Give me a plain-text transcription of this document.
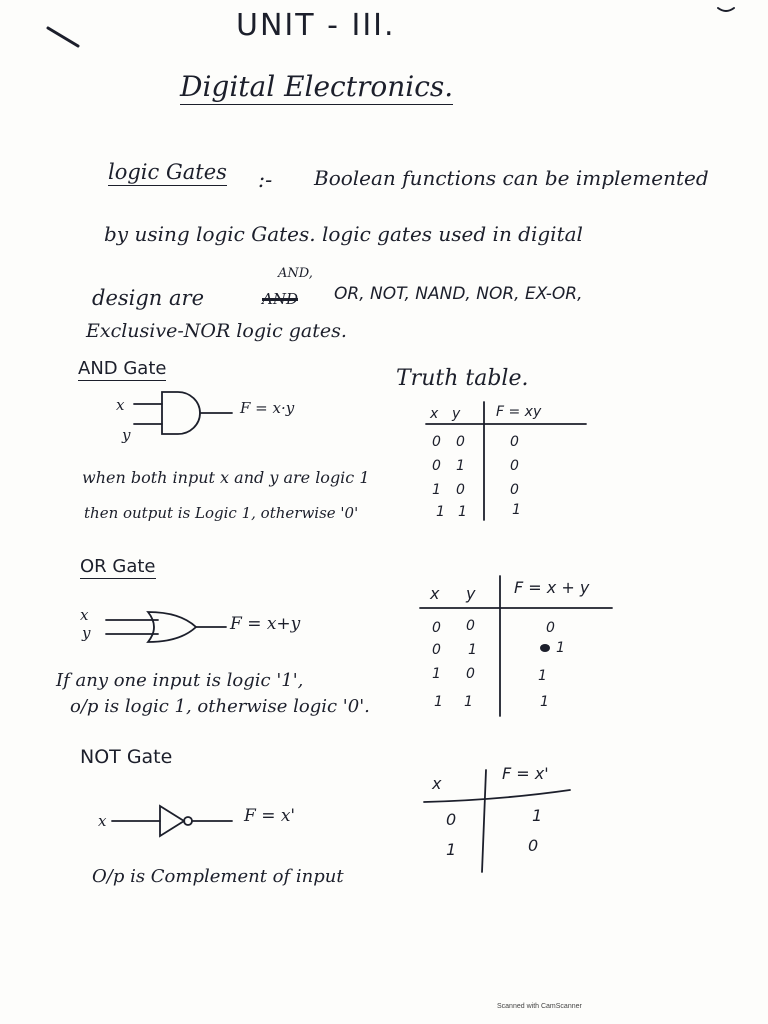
UNIT - III.
Digital Electronics.
logic Gates :- Boolean functions can be implemented
by using logic Gates. logic gates used in digital
design are	AND
AND,
OR, NOT, NAND, NOR, EX-OR,
Exclusive-NOR logic gates.
AND Gate	Truth table.
x
y
F = x·y	x y	F = xy
0 0	0
0 1	0
1 0	0
1 1	1
when both input x and y are logic 1
then output is Logic 1, otherwise '0'
OR Gate
x
y	F = x+y
x y F = x + y
0 0	0
0 1	1
1 0	1
1 1	1
If any one input is logic '1',
o/p is logic 1, otherwise logic '0'.
NOT Gate
x	F = x'
x
F = x'
0	1
1	0
O/p is Complement of input
Scanned with CamScanner
